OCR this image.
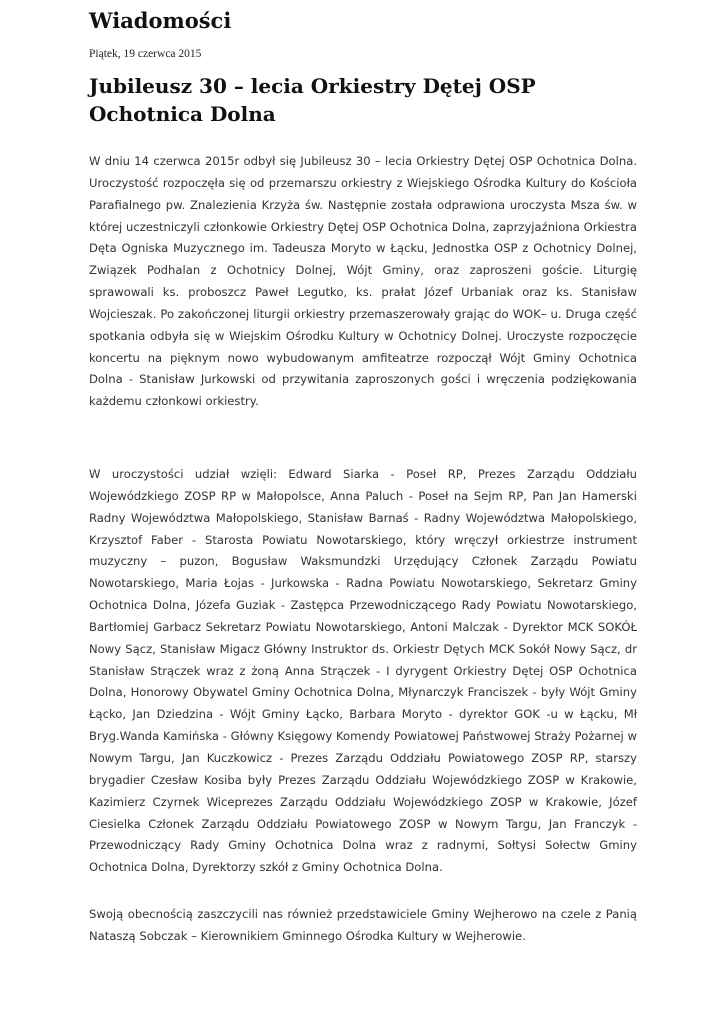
Wiadomości
Piątek, 19 czerwca 2015
Jubileusz 30 – lecia Orkiestry Dętej OSP Ochotnica Dolna

W dniu 14 czerwca 2015r odbył się Jubileusz 30 – lecia Orkiestry Dętej OSP Ochotnica Dolna. Uroczystość rozpoczęła się od przemarszu orkiestry z Wiejskiego Ośrodka Kultury do Kościoła Parafialnego pw. Znalezienia Krzyża św. Następnie została odprawiona uroczysta Msza św. w której uczestniczyli członkowie Orkiestry Dętej OSP Ochotnica Dolna, zaprzyjaźniona Orkiestra Dęta Ogniska Muzycznego im. Tadeusza Moryto w Łącku, Jednostka OSP z Ochotnicy Dolnej, Związek Podhalan z Ochotnicy Dolnej, Wójt Gminy, oraz zaproszeni goście. Liturgię sprawowali ks. proboszcz Paweł Legutko, ks. prałat Józef Urbaniak oraz ks. Stanisław Wojcieszak. Po zakończonej liturgii orkiestry przemaszerowały grając do WOK– u. Druga część spotkania odbyła się w Wiejskim Ośrodku Kultury w Ochotnicy Dolnej. Uroczyste rozpoczęcie koncertu na pięknym nowo wybudowanym amfiteatrze rozpoczął Wójt Gminy Ochotnica Dolna - Stanisław Jurkowski od przywitania zaproszonych gości i wręczenia podziękowania każdemu członkowi orkiestry.

W uroczystości udział wzięli: Edward Siarka - Poseł RP, Prezes Zarządu Oddziału Wojewódzkiego ZOSP RP w Małopolsce, Anna Paluch - Poseł na Sejm RP, Pan Jan Hamerski Radny Województwa Małopolskiego, Stanisław Barnaś - Radny Województwa Małopolskiego, Krzysztof Faber - Starosta Powiatu Nowotarskiego, który wręczył orkiestrze instrument muzyczny – puzon, Bogusław Waksmundzki Urzędujący Członek Zarządu Powiatu Nowotarskiego, Maria Łojas - Jurkowska - Radna Powiatu Nowotarskiego, Sekretarz Gminy Ochotnica Dolna, Józefa Guziak - Zastępca Przewodniczącego Rady Powiatu Nowotarskiego, Bartłomiej Garbacz Sekretarz Powiatu Nowotarskiego, Antoni Malczak - Dyrektor MCK SOKÓŁ Nowy Sącz, Stanisław Migacz Główny Instruktor ds. Orkiestr Dętych MCK Sokół Nowy Sącz, dr Stanisław Strączek wraz z żoną Anna Strączek - I dyrygent Orkiestry Dętej OSP Ochotnica Dolna, Honorowy Obywatel Gminy Ochotnica Dolna, Młynarczyk Franciszek - były Wójt Gminy Łącko, Jan Dziedzina - Wójt Gminy Łącko, Barbara Moryto - dyrektor GOK -u w Łącku, Mł Bryg.Wanda Kamińska - Główny Księgowy Komendy Powiatowej Państwowej Straży Pożarnej w Nowym Targu, Jan Kuczkowicz - Prezes Zarządu Oddziału Powiatowego ZOSP RP, starszy brygadier Czesław Kosiba były Prezes Zarządu Oddziału Wojewódzkiego ZOSP w Krakowie, Kazimierz Czyrnek Wiceprezes Zarządu Oddziału Wojewódzkiego ZOSP w Krakowie, Józef Ciesielka Członek Zarządu Oddziału Powiatowego ZOSP w Nowym Targu, Jan Franczyk - Przewodniczący Rady Gminy Ochotnica Dolna wraz z radnymi, Sołtysi Sołectw Gminy Ochotnica Dolna, Dyrektorzy szkół z Gminy Ochotnica Dolna.

Swoją obecnością zaszczycili nas również przedstawiciele Gminy Wejherowo na czele z Panią Nataszą Sobczak – Kierownikiem Gminnego Ośrodka Kultury w Wejherowie.
